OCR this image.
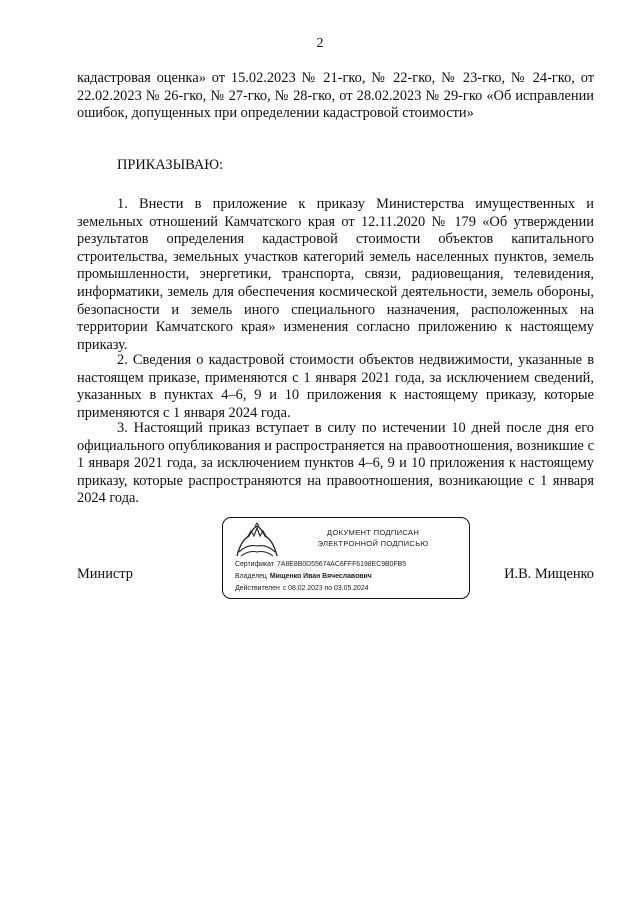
2
кадастровая оценка» от 15.02.2023 № 21-гко, № 22-гко, № 23-гко, № 24-гко, от 22.02.2023 № 26-гко, № 27-гко, № 28-гко, от 28.02.2023 № 29-гко «Об исправлении ошибок, допущенных при определении кадастровой стоимости»
ПРИКАЗЫВАЮ:
1. Внести в приложение к приказу Министерства имущественных и земельных отношений Камчатского края от 12.11.2020 № 179 «Об утверждении результатов определения кадастровой стоимости объектов капитального строительства, земельных участков категорий земель населенных пунктов, земель промышленности, энергетики, транспорта, связи, радиовещания, телевидения, информатики, земель для обеспечения космической деятельности, земель обороны, безопасности и земель иного специального назначения, расположенных на территории Камчатского края» изменения согласно приложению к настоящему приказу.
2. Сведения о кадастровой стоимости объектов недвижимости, указанные в настоящем приказе, применяются с 1 января 2021 года, за исключением сведений, указанных в пунктах 4–6, 9 и 10 приложения к настоящему приказу, которые применяются с 1 января 2024 года.
3. Настоящий приказ вступает в силу по истечении 10 дней после дня его официального опубликования и распространяется на правоотношения, возникшие с 1 января 2021 года, за исключением пунктов 4–6, 9 и 10 приложения к настоящему приказу, которые распространяются на правоотношения, возникающие с 1 января 2024 года.
Министр	И.В. Мищенко
ДОКУМЕНТ ПОДПИСАН
ЭЛЕКТРОННОЙ ПОДПИСЬЮ
Сертификат 7A8E8B0D55674AC6FFF6198EC9B0FB5
Владелец Мищенко Иван Вячеславович
Действителен с 08.02.2023 по 03.05.2024
